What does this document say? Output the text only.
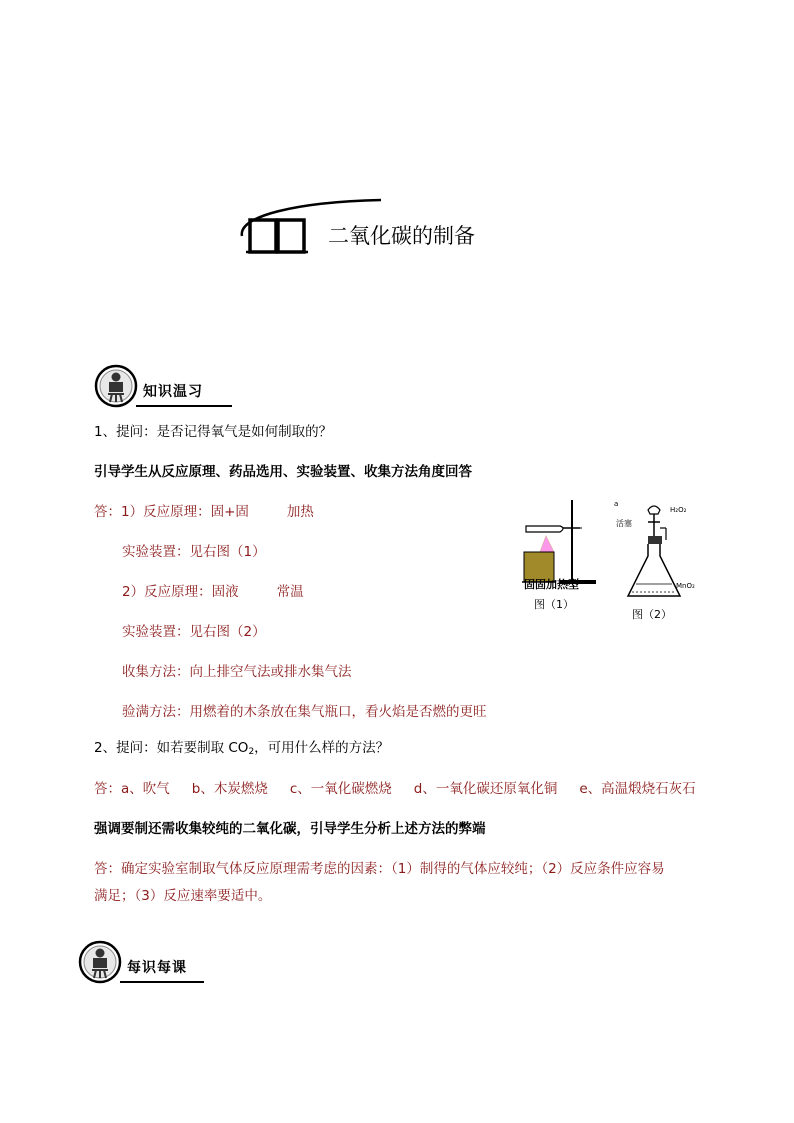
二氧化碳的制备
知识温习
1、提问：是否记得氧气是如何制取的？
引导学生从反应原理、药品选用、实验装置、收集方法角度回答
答：1）反应原理：固+固	加热
实验装置：见右图（1）
2）反应原理：固液	常温
实验装置：见右图（2）
收集方法：向上排空气法或排水集气法
验满方法：用燃着的木条放在集气瓶口，看火焰是否燃的更旺
固固加热型
图（1）
a
H₂O₂
活塞
MnO₂
图（2）
2、提问：如若要制取 $CO_2$，可用什么样的方法？
答：a、吹气 b、木炭燃烧 c、一氧化碳燃烧 d、一氧化碳还原氧化铜 e、高温煅烧石灰石
强调要制还需收集较纯的二氧化碳，引导学生分析上述方法的弊端
答：确定实验室制取气体反应原理需考虑的因素：（1）制得的气体应较纯；（2）反应条件应容易
满足；（3）反应速率要适中。
每识每课
